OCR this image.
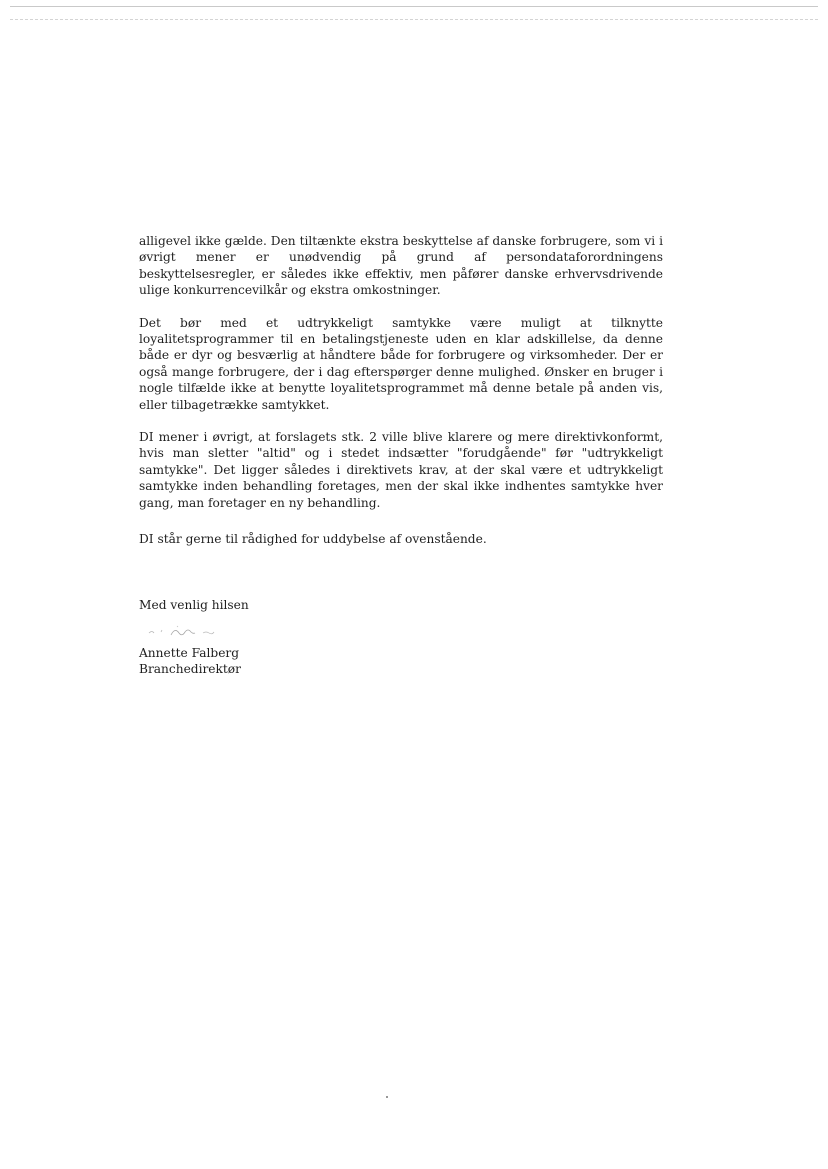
alligevel ikke gælde. Den tiltænkte ekstra beskyttelse af danske forbrugere, som vi i øvrigt mener er unødvendig på grund af persondataforordningens beskyttelsesregler, er således ikke effektiv, men påfører danske erhvervsdrivende ulige konkurrencevilkår og ekstra omkostninger.

Det bør med et udtrykkeligt samtykke være muligt at tilknytte loyalitetsprogrammer til en betalingstjeneste uden en klar adskillelse, da denne både er dyr og besværlig at håndtere både for forbrugere og virksomheder. Der er også mange forbrugere, der i dag efterspørger denne mulighed. Ønsker en bruger i nogle tilfælde ikke at benytte loyalitetsprogrammet må denne betale på anden vis, eller tilbagetrække samtykket.

DI mener i øvrigt, at forslagets stk. 2 ville blive klarere og mere direktivkonformt, hvis man sletter "altid" og i stedet indsætter "forudgående" før "udtrykkeligt samtykke". Det ligger således i direktivets krav, at der skal være et udtrykkeligt samtykke inden behandling foretages, men der skal ikke indhentes samtykke hver gang, man foretager en ny behandling.

DI står gerne til rådighed for uddybelse af ovenstående.

Med venlig hilsen

Annette Falberg

Branchedirektør
